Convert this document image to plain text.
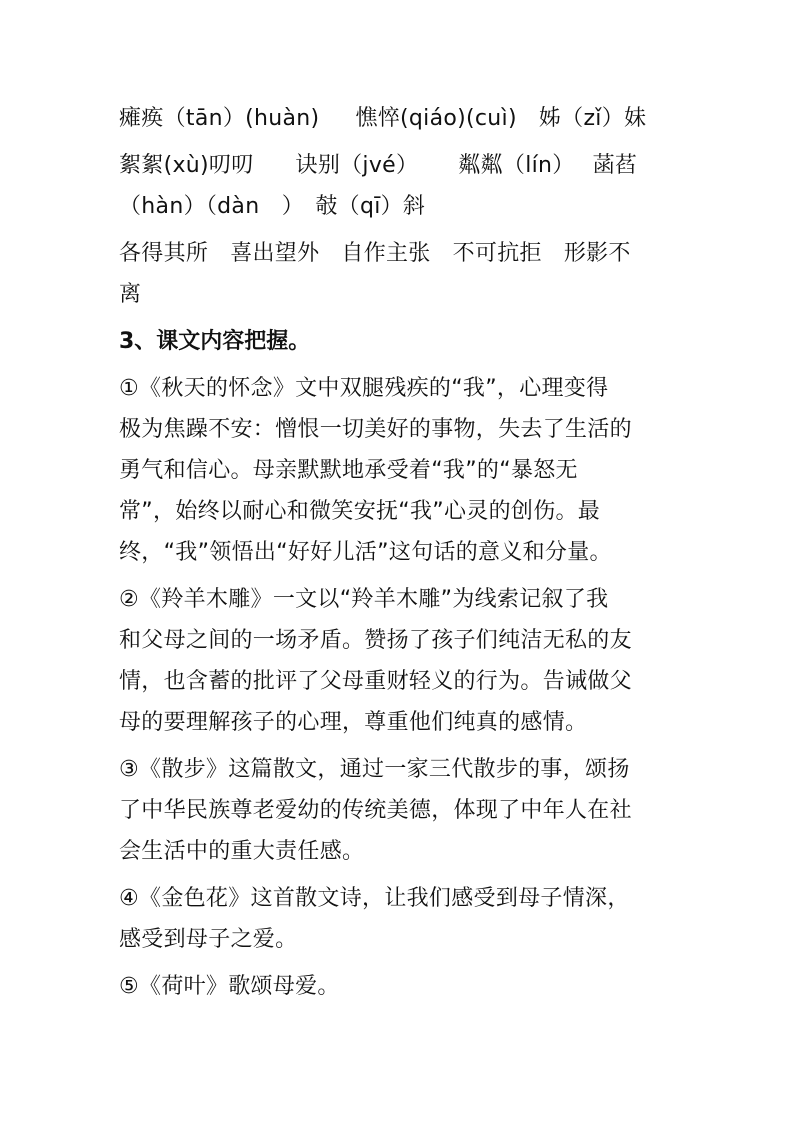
瘫痪（tān）(huàn) 憔悴(qiáo)(cuì) 姊（zǐ）妹
絮絮(xù)叨叨 诀别（jvé） 粼粼（lín） 菡萏
（hàn）（dàn　）　攲（qī）斜
各得其所 喜出望外 自作主张 不可抗拒 形影不
离
3、课文内容把握。
①《秋天的怀念》文中双腿残疾的“我”，心理变得
极为焦躁不安：憎恨一切美好的事物，失去了生活的
勇气和信心。母亲默默地承受着“我”的“暴怒无
常”，始终以耐心和微笑安抚“我”心灵的创伤。最
终，“我”领悟出“好好儿活”这句话的意义和分量。
②《羚羊木雕》一文以“羚羊木雕”为线索记叙了我
和父母之间的一场矛盾。赞扬了孩子们纯洁无私的友
情，也含蓄的批评了父母重财轻义的行为。告诫做父
母的要理解孩子的心理，尊重他们纯真的感情。
③《散步》这篇散文，通过一家三代散步的事，颂扬
了中华民族尊老爱幼的传统美德，体现了中年人在社
会生活中的重大责任感。
④《金色花》这首散文诗，让我们感受到母子情深，
感受到母子之爱。
⑤《荷叶》歌颂母爱。
